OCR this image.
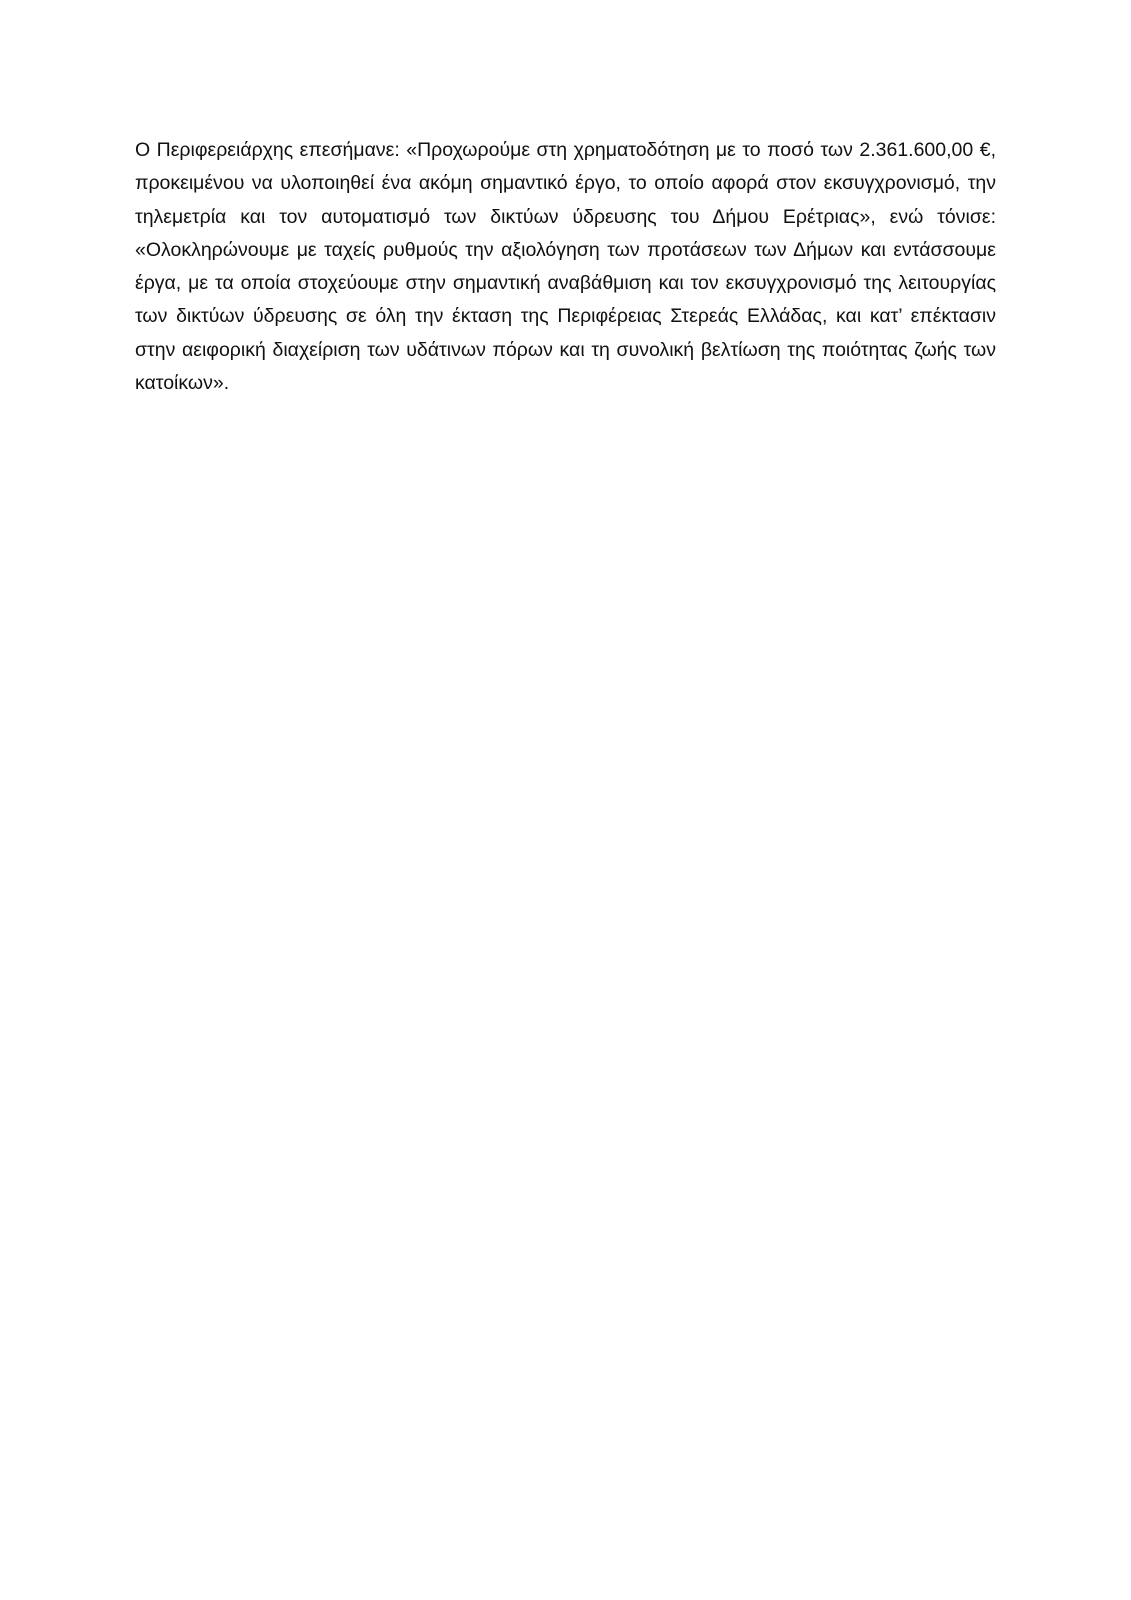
Ο Περιφερειάρχης επεσήμανε: «Προχωρούμε στη χρηματοδότηση με το ποσό των 2.361.600,00 €, προκειμένου να υλοποιηθεί ένα ακόμη σημαντικό έργο, το οποίο αφορά στον εκσυγχρονισμό, την τηλεμετρία και τον αυτοματισμό των δικτύων ύδρευσης του Δήμου Ερέτριας», ενώ τόνισε: «Ολοκληρώνουμε με ταχείς ρυθμούς την αξιολόγηση των προτάσεων των Δήμων και εντάσσουμε έργα, με τα οποία στοχεύουμε στην σημαντική αναβάθμιση και τον εκσυγχρονισμό της λειτουργίας των δικτύων ύδρευσης σε όλη την έκταση της Περιφέρειας Στερεάς Ελλάδας, και κατ’ επέκτασιν στην αειφορική διαχείριση των υδάτινων πόρων και τη συνολική βελτίωση της ποιότητας ζωής των κατοίκων».
